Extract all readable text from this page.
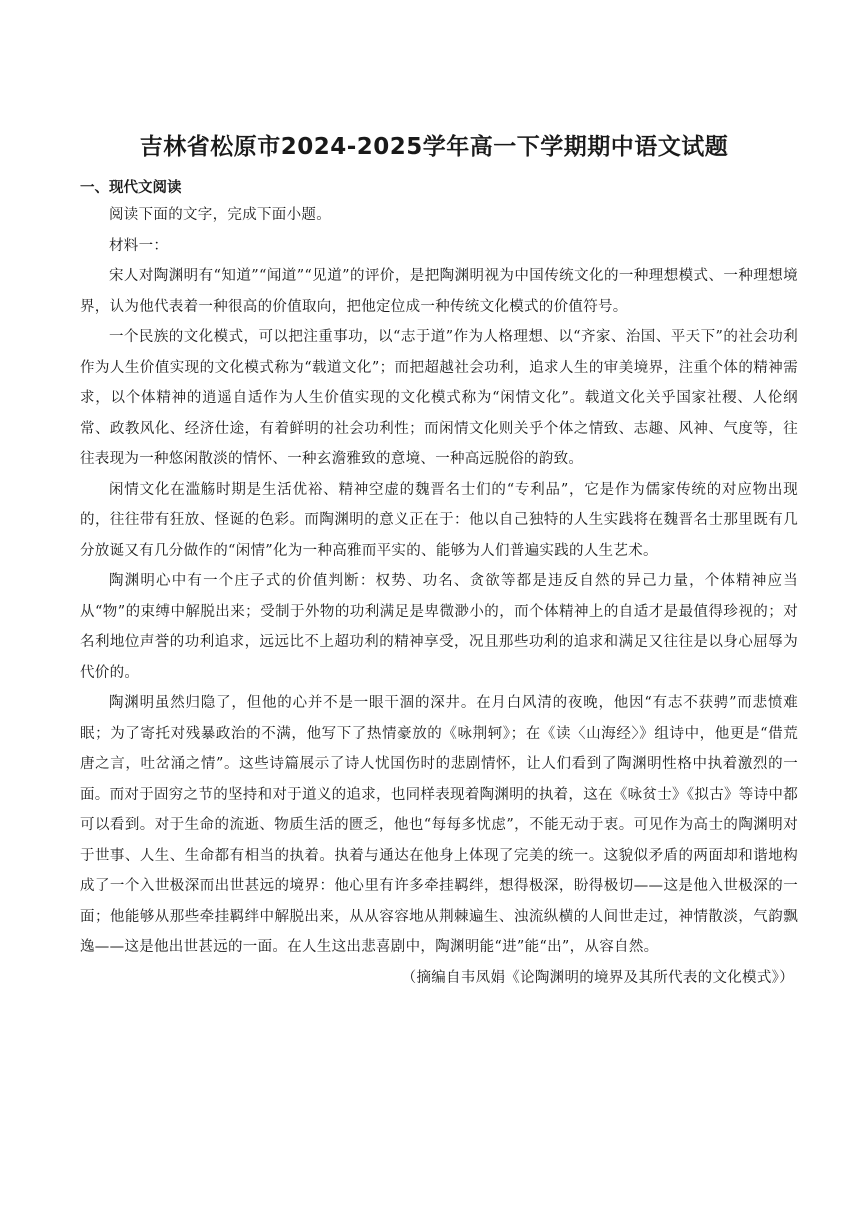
吉林省松原市2024-2025学年高一下学期期中语文试题
一、现代文阅读

阅读下面的文字，完成下面小题。

材料一：

宋人对陶渊明有“知道”“闻道”“见道”的评价，是把陶渊明视为中国传统文化的一种理想模式、一种理想境界，认为他代表着一种很高的价值取向，把他定位成一种传统文化模式的价值符号。

一个民族的文化模式，可以把注重事功，以“志于道”作为人格理想、以“齐家、治国、平天下”的社会功利作为人生价值实现的文化模式称为“载道文化”；而把超越社会功利，追求人生的审美境界，注重个体的精神需求，以个体精神的逍遥自适作为人生价值实现的文化模式称为“闲情文化”。载道文化关乎国家社稷、人伦纲常、政教风化、经济仕途，有着鲜明的社会功利性；而闲情文化则关乎个体之情致、志趣、风神、气度等，往往表现为一种悠闲散淡的情怀、一种玄澹雅致的意境、一种高远脱俗的韵致。

闲情文化在滥觞时期是生活优裕、精神空虚的魏晋名士们的“专利品”，它是作为儒家传统的对应物出现的，往往带有狂放、怪诞的色彩。而陶渊明的意义正在于：他以自己独特的人生实践将在魏晋名士那里既有几分放诞又有几分做作的“闲情”化为一种高雅而平实的、能够为人们普遍实践的人生艺术。

陶渊明心中有一个庄子式的价值判断：权势、功名、贪欲等都是违反自然的异己力量，个体精神应当从“物”的束缚中解脱出来；受制于外物的功利满足是卑微渺小的，而个体精神上的自适才是最值得珍视的；对名利地位声誉的功利追求，远远比不上超功利的精神享受，况且那些功利的追求和满足又往往是以身心屈辱为代价的。

陶渊明虽然归隐了，但他的心并不是一眼干涸的深井。在月白风清的夜晚，他因“有志不获骋”而悲愤难眠；为了寄托对残暴政治的不满，他写下了热情豪放的《咏荆轲》；在《读〈山海经〉》组诗中，他更是“借荒唐之言，吐岔涌之情”。这些诗篇展示了诗人忧国伤时的悲剧情怀，让人们看到了陶渊明性格中执着激烈的一面。而对于固穷之节的坚持和对于道义的追求，也同样表现着陶渊明的执着，这在《咏贫士》《拟古》等诗中都可以看到。对于生命的流逝、物质生活的匮乏，他也“每每多忧虑”，不能无动于衷。可见作为高士的陶渊明对于世事、人生、生命都有相当的执着。执着与通达在他身上体现了完美的统一。这貌似矛盾的两面却和谐地构成了一个入世极深而出世甚远的境界：他心里有许多牵挂羁绊，想得极深，盼得极切——这是他入世极深的一面；他能够从那些牵挂羁绊中解脱出来，从从容容地从荆棘遍生、浊流纵横的人间世走过，神情散淡，气韵飘逸——这是他出世甚远的一面。在人生这出悲喜剧中，陶渊明能“进”能“出”，从容自然。

（摘编自韦凤娟《论陶渊明的境界及其所代表的文化模式》）
